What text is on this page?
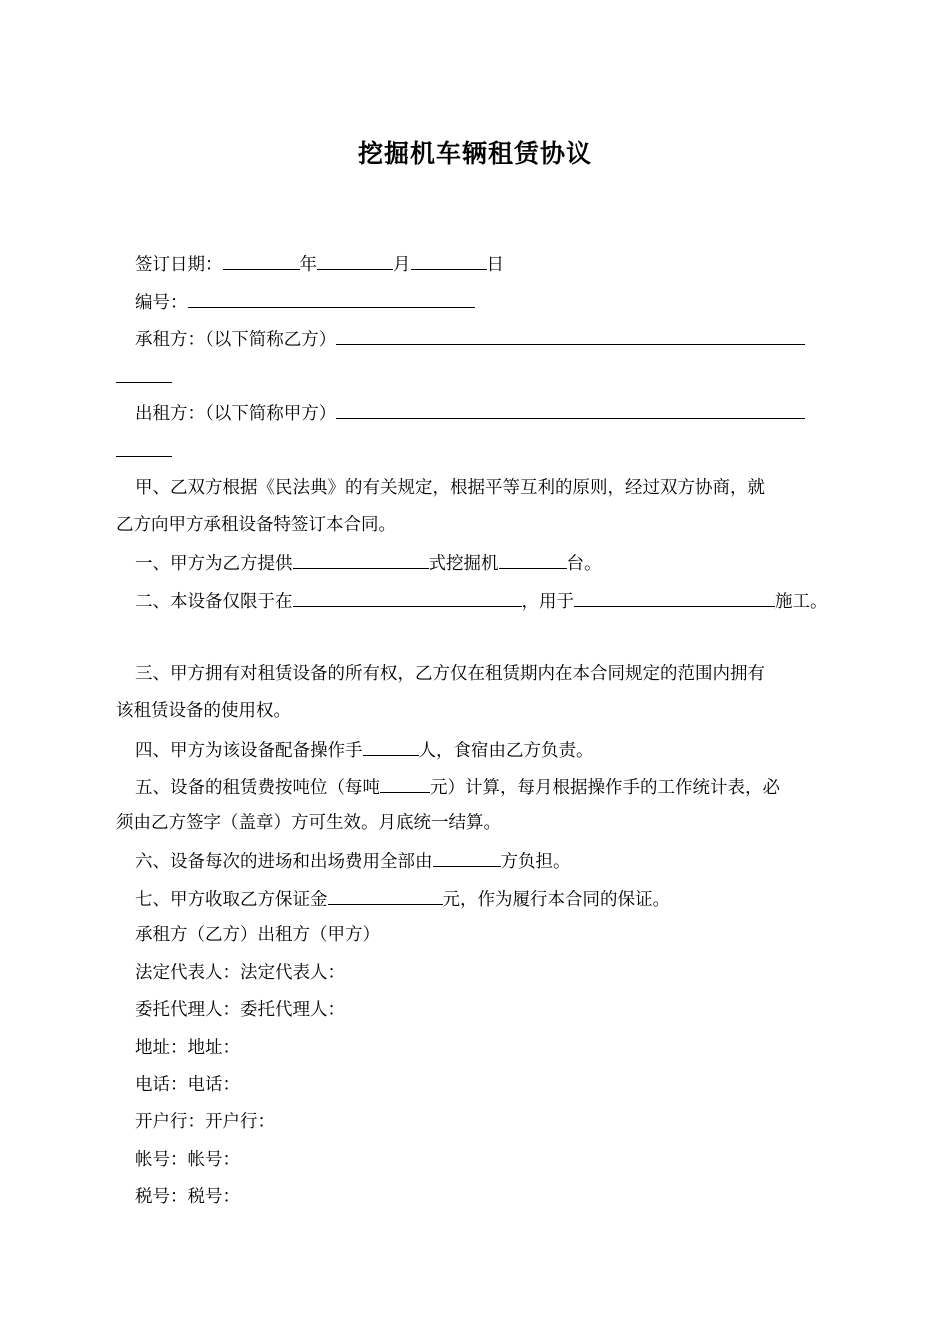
挖掘机车辆租赁协议
签订日期：	年	月	日
编号：
承租方：（以下简称乙方）
出租方：（以下简称甲方）
甲、乙双方根据《民法典》的有关规定，根据平等互利的原则，经过双方协商，就
乙方向甲方承租设备特签订本合同。
一、甲方为乙方提供	式挖掘机	台。
二、本设备仅限于在	，用于	施工。
三、甲方拥有对租赁设备的所有权，乙方仅在租赁期内在本合同规定的范围内拥有
该租赁设备的使用权。
四、甲方为该设备配备操作手	人，食宿由乙方负责。
五、设备的租赁费按吨位（每吨	元）计算，每月根据操作手的工作统计表，必
须由乙方签字（盖章）方可生效。月底统一结算。
六、设备每次的进场和出场费用全部由	方负担。
七、甲方收取乙方保证金	元，作为履行本合同的保证。
承租方（乙方）出租方（甲方）
法定代表人：法定代表人：
委托代理人：委托代理人：
地址：地址：
电话：电话：
开户行：开户行：
帐号：帐号：
税号：税号：
